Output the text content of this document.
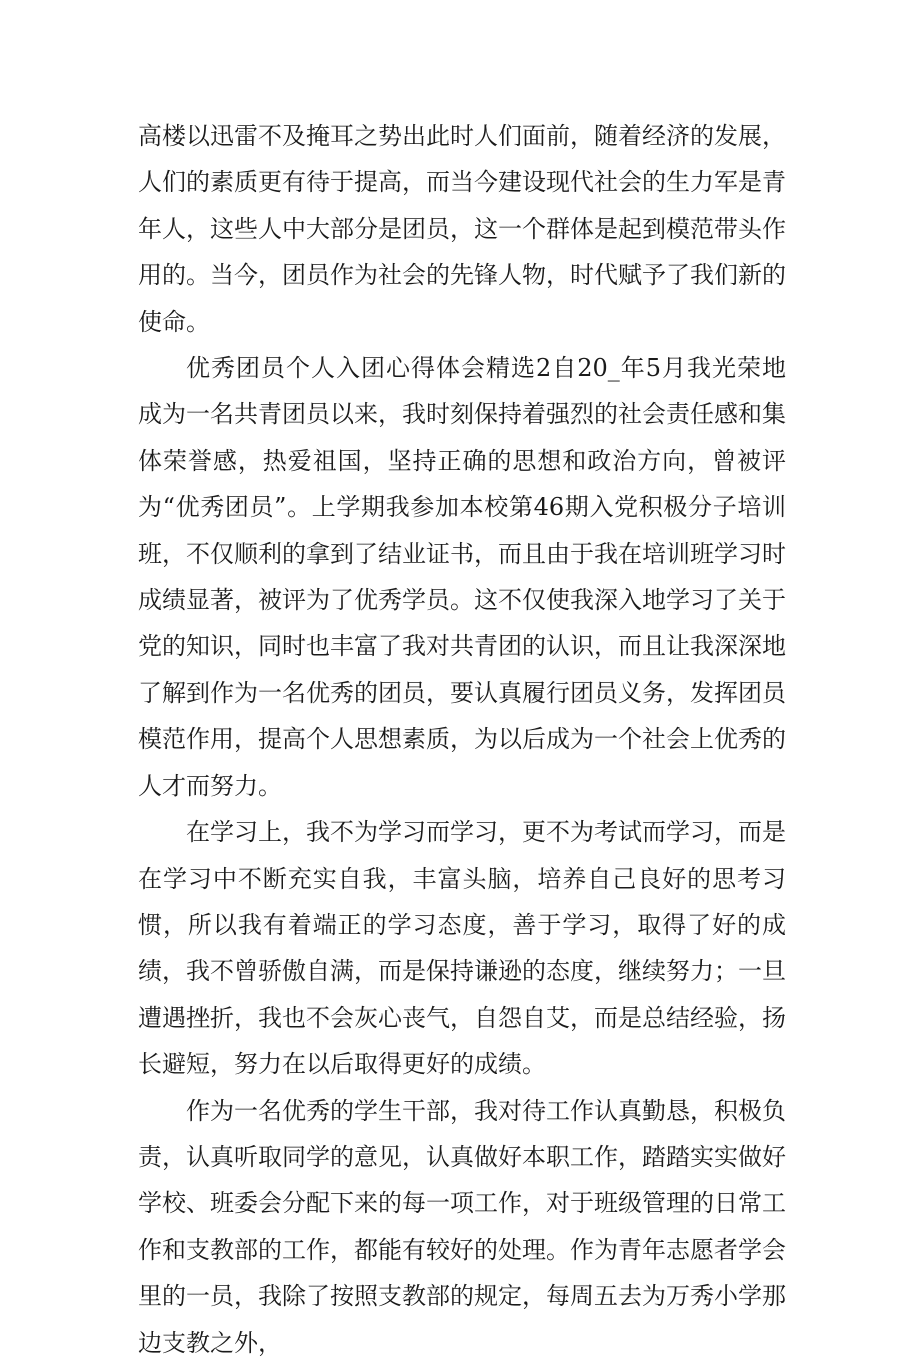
高楼以迅雷不及掩耳之势出此时人们面前，随着经济的发展，人们的素质更有待于提高，而当今建设现代社会的生力军是青年人，这些人中大部分是团员，这一个群体是起到模范带头作用的。当今，团员作为社会的先锋人物，时代赋予了我们新的使命。

优秀团员个人入团心得体会精选2自20_年5月我光荣地成为一名共青团员以来，我时刻保持着强烈的社会责任感和集体荣誉感，热爱祖国，坚持正确的思想和政治方向，曾被评为“优秀团员”。上学期我参加本校第46期入党积极分子培训班，不仅顺利的拿到了结业证书，而且由于我在培训班学习时成绩显著，被评为了优秀学员。这不仅使我深入地学习了关于党的知识，同时也丰富了我对共青团的认识，而且让我深深地了解到作为一名优秀的团员，要认真履行团员义务，发挥团员模范作用，提高个人思想素质，为以后成为一个社会上优秀的人才而努力。

在学习上，我不为学习而学习，更不为考试而学习，而是在学习中不断充实自我，丰富头脑，培养自己良好的思考习惯，所以我有着端正的学习态度，善于学习，取得了好的成绩，我不曾骄傲自满，而是保持谦逊的态度，继续努力；一旦遭遇挫折，我也不会灰心丧气，自怨自艾，而是总结经验，扬长避短，努力在以后取得更好的成绩。

作为一名优秀的学生干部，我对待工作认真勤恳，积极负责，认真听取同学的意见，认真做好本职工作，踏踏实实做好学校、班委会分配下来的每一项工作，对于班级管理的日常工作和支教部的工作，都能有较好的处理。作为青年志愿者学会里的一员，我除了按照支教部的规定，每周五去为万秀小学那边支教之外，
